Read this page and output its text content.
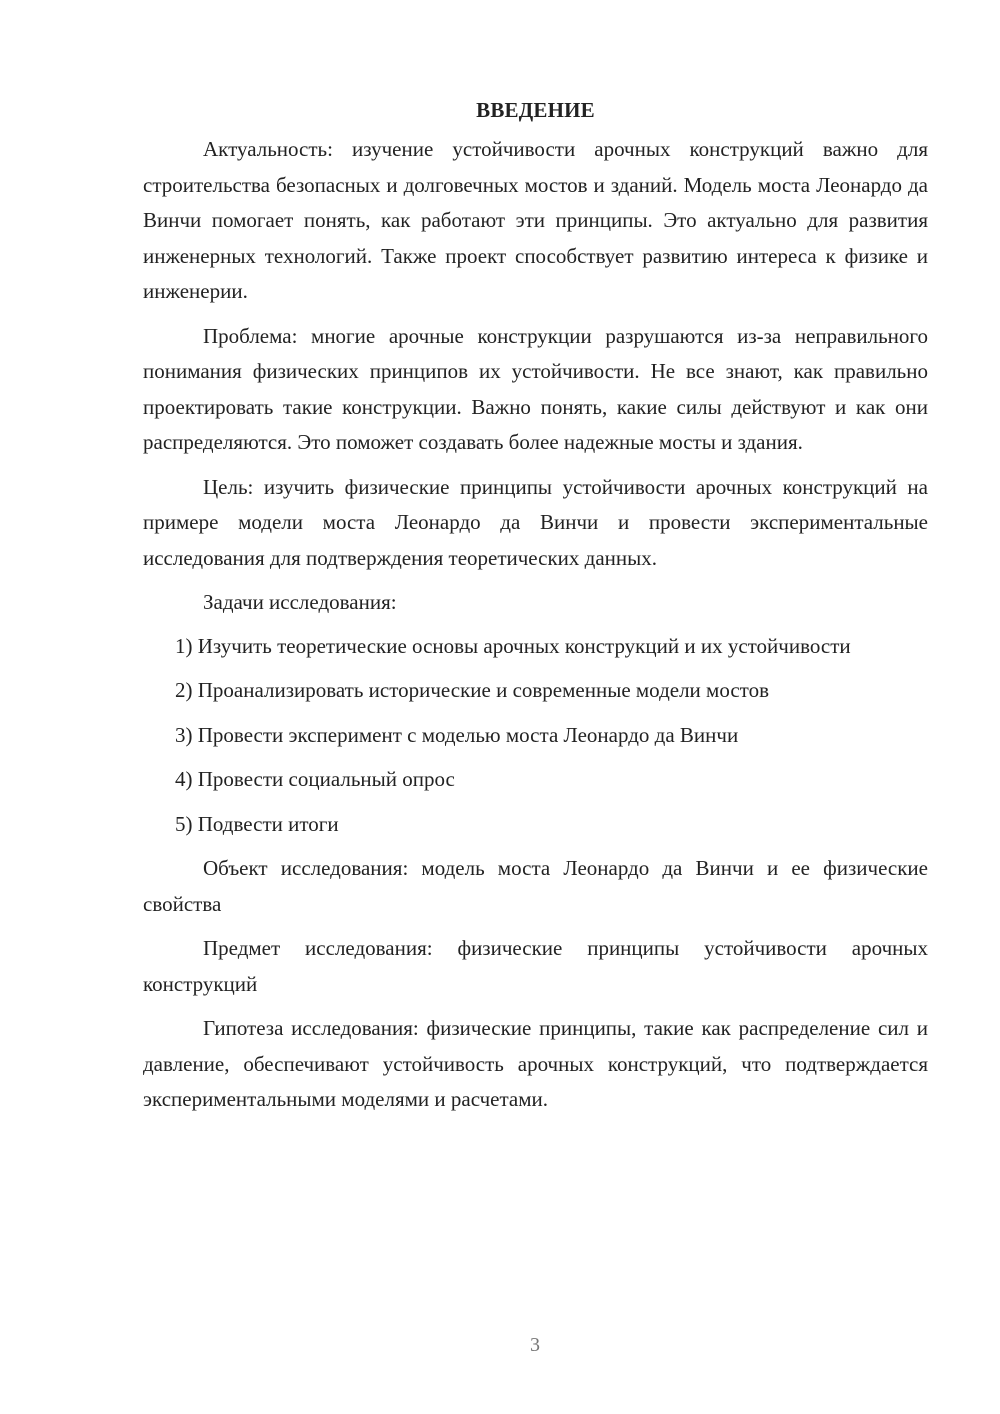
ВВЕДЕНИЕ

Актуальность: изучение устойчивости арочных конструкций важно для строительства безопасных и долговечных мостов и зданий. Модель моста Леонардо да Винчи помогает понять, как работают эти принципы. Это актуально для развития инженерных технологий. Также проект способствует развитию интереса к физике и инженерии.

Проблема: многие арочные конструкции разрушаются из-за неправильного понимания физических принципов их устойчивости. Не все знают, как правильно проектировать такие конструкции. Важно понять, какие силы действуют и как они распределяются. Это поможет создавать более надежные мосты и здания.

Цель: изучить физические принципы устойчивости арочных конструкций на примере модели моста Леонардо да Винчи и провести экспериментальные исследования для подтверждения теоретических данных.

Задачи исследования:

1) Изучить теоретические основы арочных конструкций и их устойчивости

2) Проанализировать исторические и современные модели мостов

3) Провести эксперимент с моделью моста Леонардо да Винчи

4) Провести социальный опрос

5) Подвести итоги

Объект исследования: модель моста Леонардо да Винчи и ее физические свойства

Предмет исследования: физические принципы устойчивости арочных конструкций

Гипотеза исследования: физические принципы, такие как распределение сил и давление, обеспечивают устойчивость арочных конструкций, что подтверждается экспериментальными моделями и расчетами.

3
